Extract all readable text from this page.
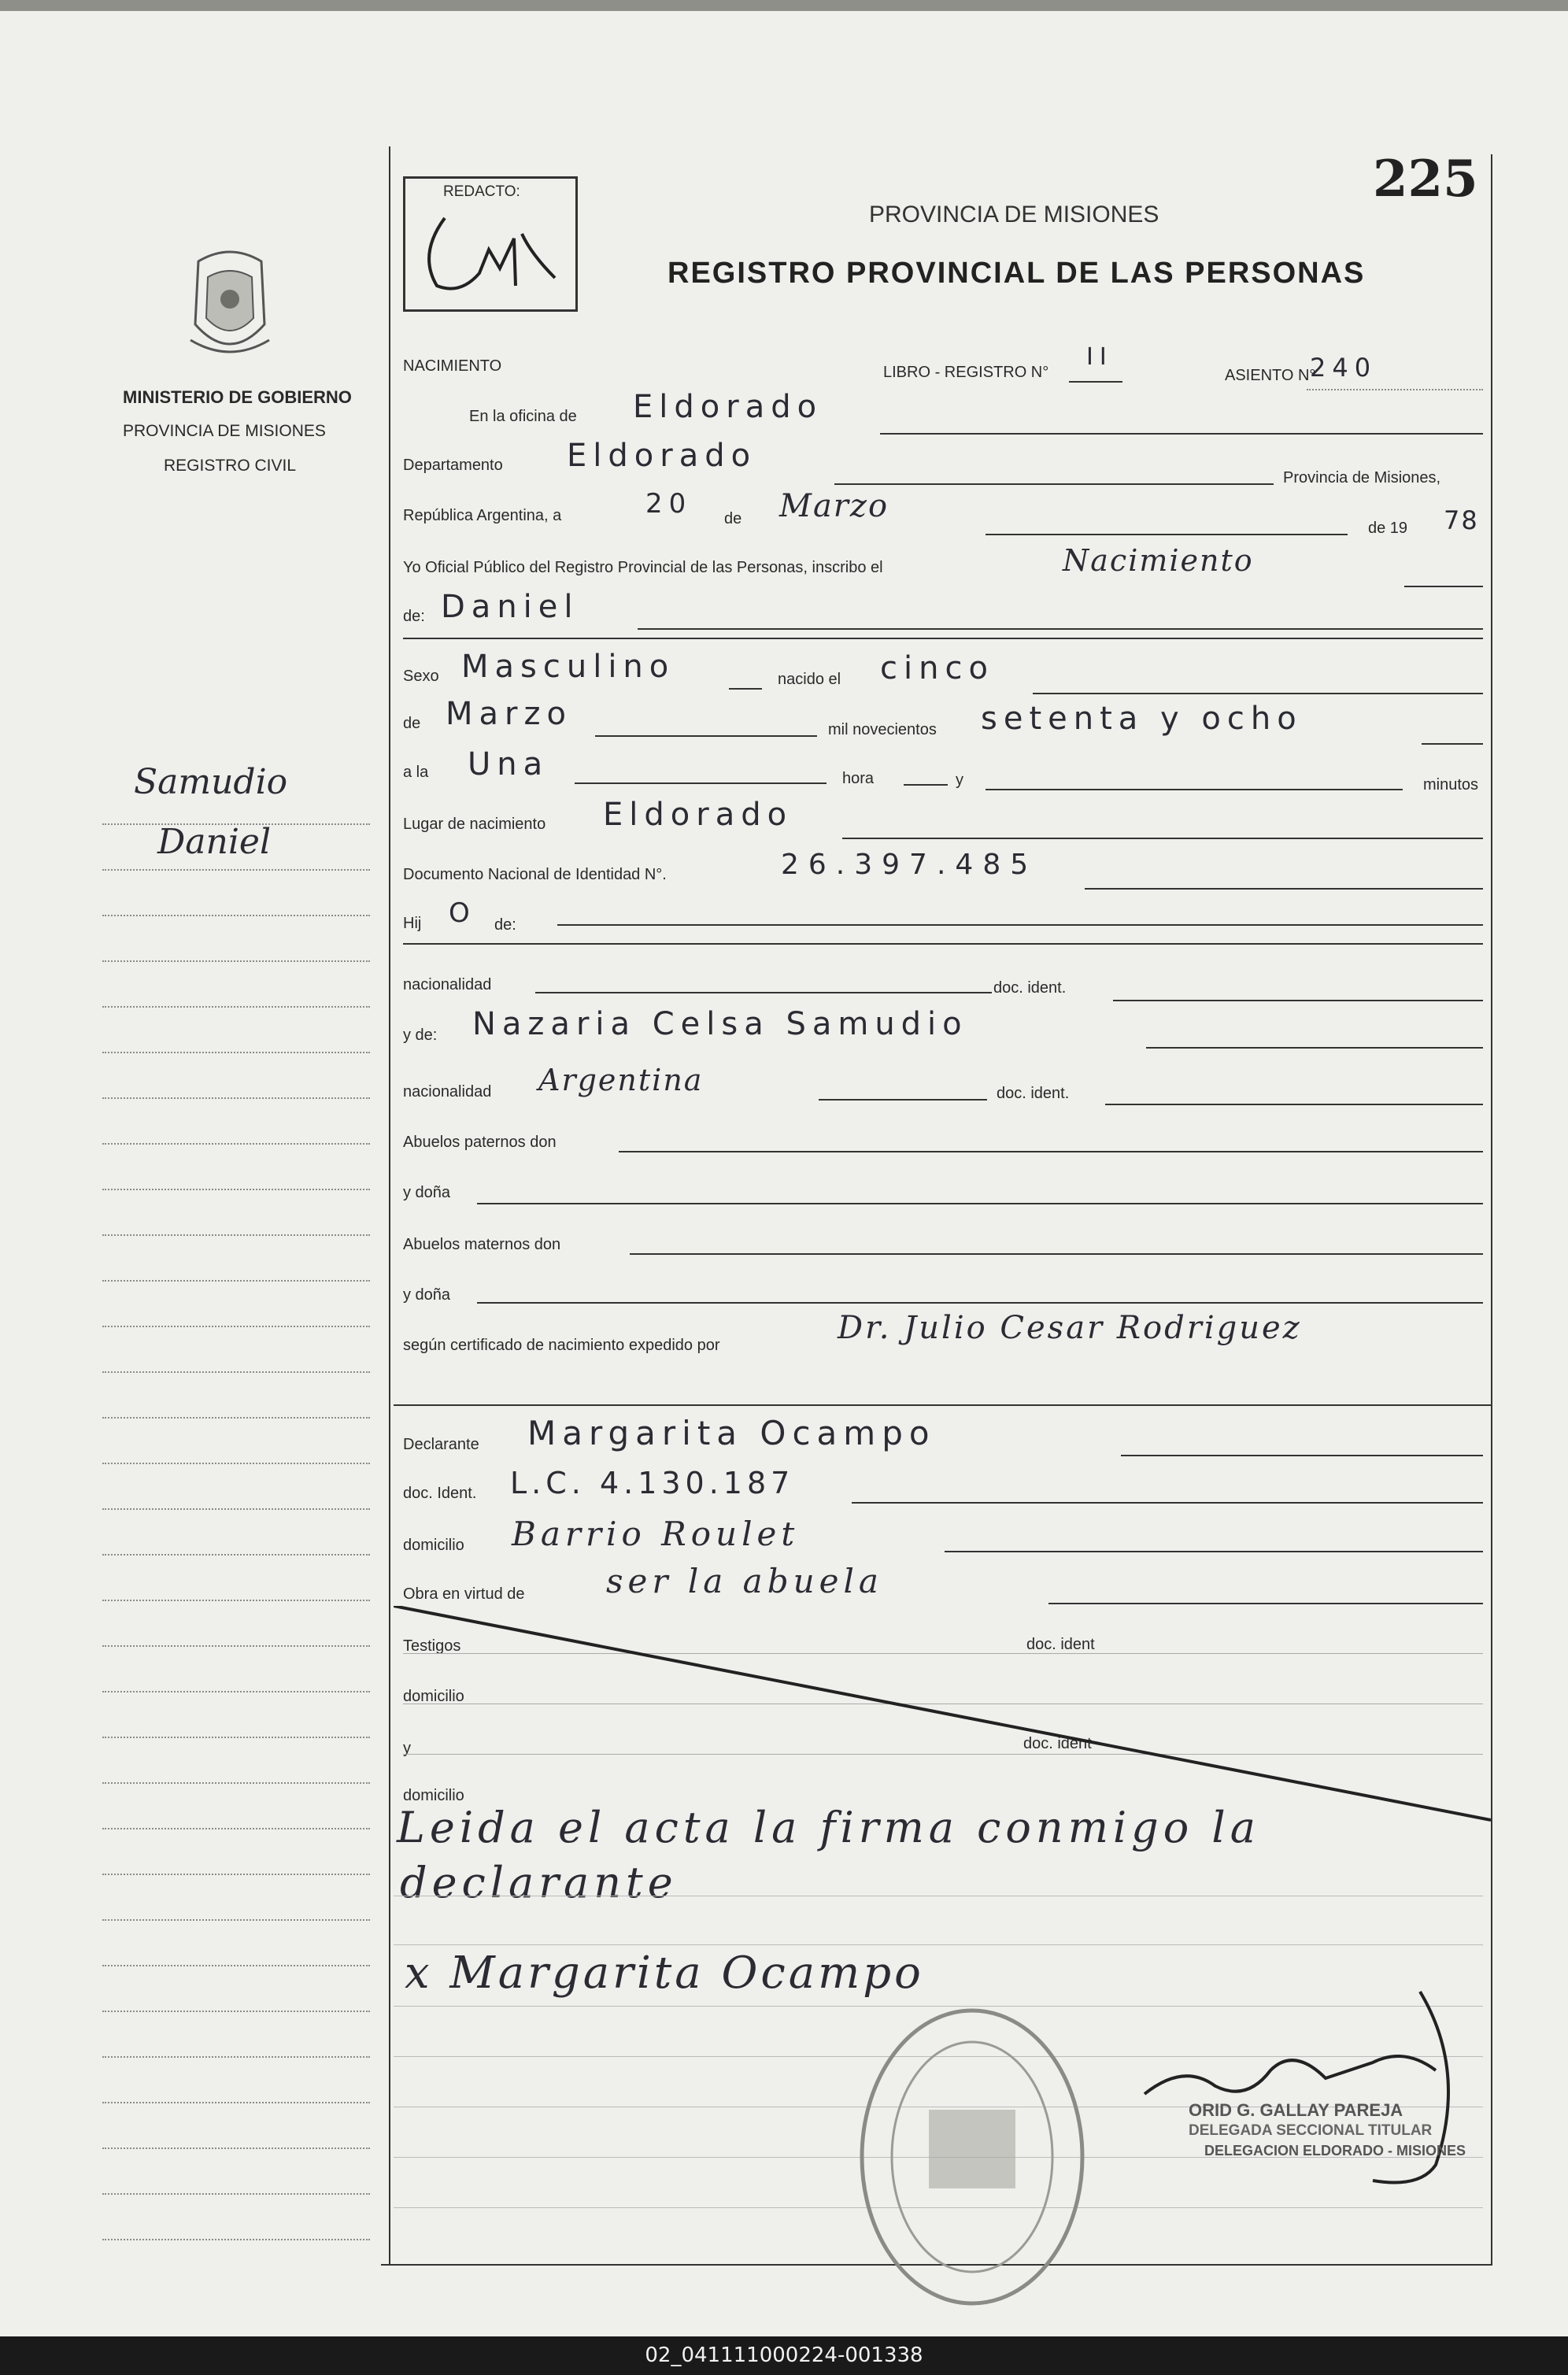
MINISTERIO DE GOBIERNO
PROVINCIA DE MISIONES
REGISTRO CIVIL
Samudio
Daniel
225
REDACTO:
PROVINCIA DE MISIONES
REGISTRO PROVINCIAL DE LAS PERSONAS
NACIMIENTO	LIBRO - REGISTRO N°
II
ASIENTO N°
240
En la oficina de Eldorado
Departamento Eldorado
Provincia de Misiones,
República Argentina, a	20 de Marzo
de 19 78
Yo Oficial Público del Registro Provincial de las Personas, inscribo el	Nacimiento
de: Daniel
Sexo Masculino	nacido el cinco
de Marzo	mil novecientos setenta y ocho
a la Una	hora	y	minutos
Lugar de nacimiento Eldorado
Documento Nacional de Identidad N°.	26.397.485
Hij O de:
nacionalidad	doc. ident.
y de: Nazaria Celsa Samudio
nacionalidad Argentina	doc. ident.
Abuelos paternos don
y doña
Abuelos maternos don
y doña
según certificado de nacimiento expedido por	Dr. Julio Cesar Rodriguez
Declarante Margarita Ocampo
doc. Ident. L.C. 4.130.187
domicilio Barrio Roulet
Obra en virtud de ser la abuela
Testigos	doc. ident
domicilio
y	doc. ident
domicilio
Leida el acta la firma conmigo la
declarante
x Margarita Ocampo
ORID G. GALLAY PAREJA
DELEGADA SECCIONAL TITULAR
DELEGACION ELDORADO - MISIONES
02_041111000224-001338
